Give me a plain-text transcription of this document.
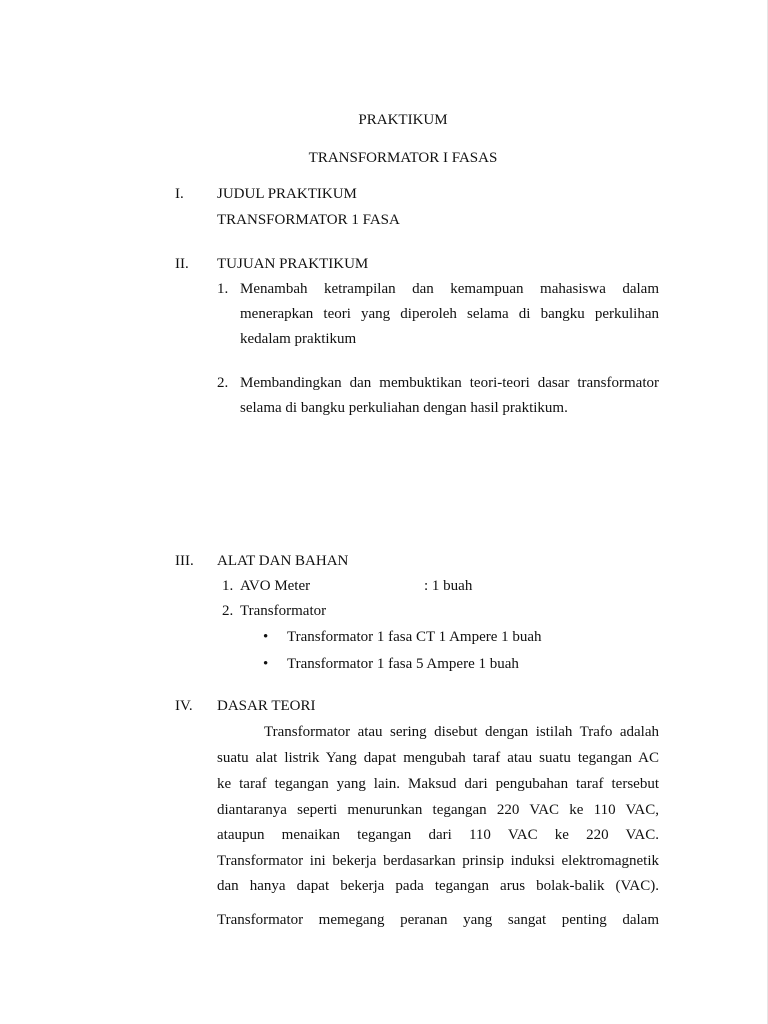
PRAKTIKUM
TRANSFORMATOR I FASAS
I. JUDUL PRAKTIKUM
TRANSFORMATOR 1 FASA
II. TUJUAN PRAKTIKUM
1. Menambah ketrampilan dan kemampuan mahasiswa dalam
menerapkan teori yang diperoleh selama di bangku perkulihan
kedalam praktikum
2. Membandingkan dan membuktikan teori-teori dasar transformator
selama di bangku perkuliahan dengan hasil praktikum.
III. ALAT DAN BAHAN
1. AVO Meter	: 1 buah
2. Transformator
• Transformator 1 fasa CT 1 Ampere 1 buah
• Transformator 1 fasa 5 Ampere 1 buah
IV. DASAR TEORI
Transformator atau sering disebut dengan istilah Trafo adalah
suatu alat listrik Yang dapat mengubah taraf atau suatu tegangan AC
ke taraf tegangan yang lain. Maksud dari pengubahan taraf tersebut
diantaranya seperti menurunkan tegangan 220 VAC ke 110 VAC,
ataupun menaikan tegangan dari 110 VAC ke 220 VAC.
Transformator ini bekerja berdasarkan prinsip induksi elektromagnetik
dan hanya dapat bekerja pada tegangan arus bolak-balik (VAC).
Transformator memegang peranan yang sangat penting dalam
